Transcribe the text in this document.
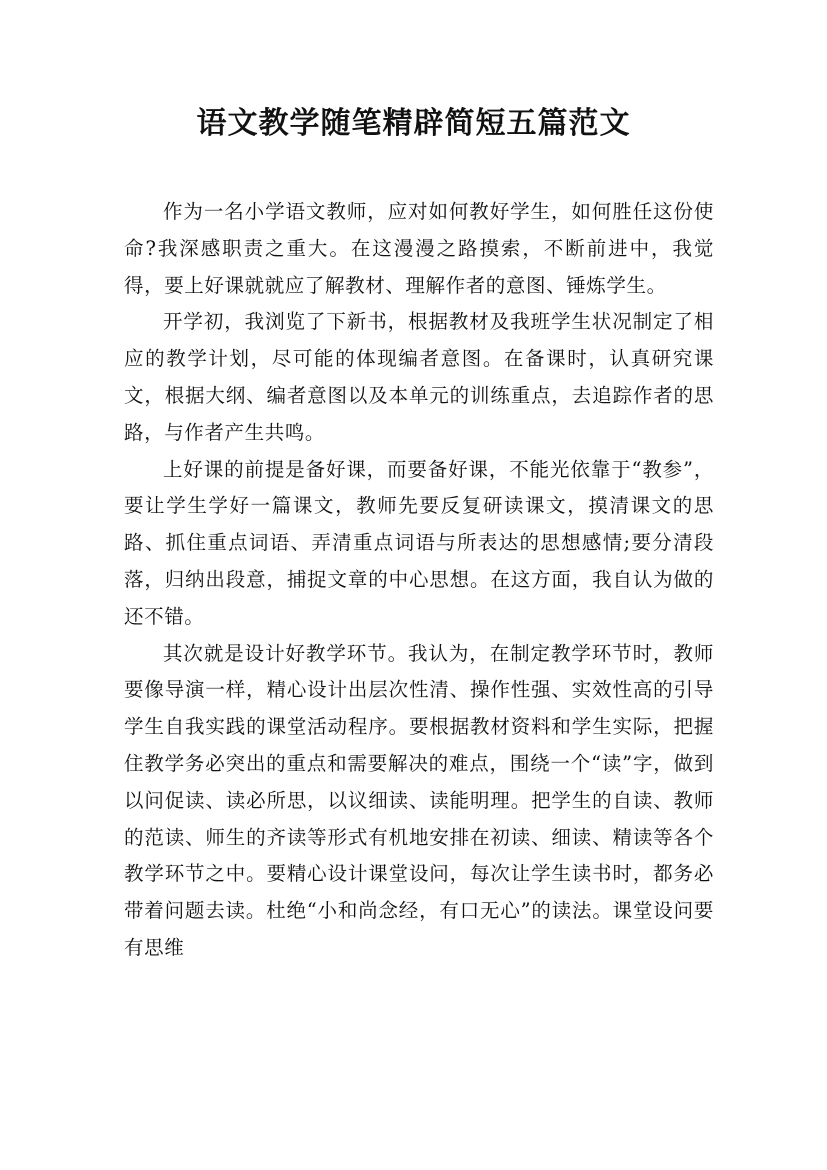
语文教学随笔精辟简短五篇范文

作为一名小学语文教师，应对如何教好学生，如何胜任这份使命?我深感职责之重大。在这漫漫之路摸索，不断前进中，我觉得，要上好课就就应了解教材、理解作者的意图、锤炼学生。

开学初，我浏览了下新书，根据教材及我班学生状况制定了相应的教学计划，尽可能的体现编者意图。在备课时，认真研究课文，根据大纲、编者意图以及本单元的训练重点，去追踪作者的思路，与作者产生共鸣。

上好课的前提是备好课，而要备好课，不能光依靠于“教参”，要让学生学好一篇课文，教师先要反复研读课文，摸清课文的思路、抓住重点词语、弄清重点词语与所表达的思想感情;要分清段落，归纳出段意，捕捉文章的中心思想。在这方面，我自认为做的还不错。

其次就是设计好教学环节。我认为，在制定教学环节时，教师要像导演一样，精心设计出层次性清、操作性强、实效性高的引导学生自我实践的课堂活动程序。要根据教材资料和学生实际，把握住教学务必突出的重点和需要解决的难点，围绕一个“读”字，做到以问促读、读必所思，以议细读、读能明理。把学生的自读、教师的范读、师生的齐读等形式有机地安排在初读、细读、精读等各个教学环节之中。要精心设计课堂设问，每次让学生读书时，都务必带着问题去读。杜绝“小和尚念经，有口无心”的读法。课堂设问要有思维
